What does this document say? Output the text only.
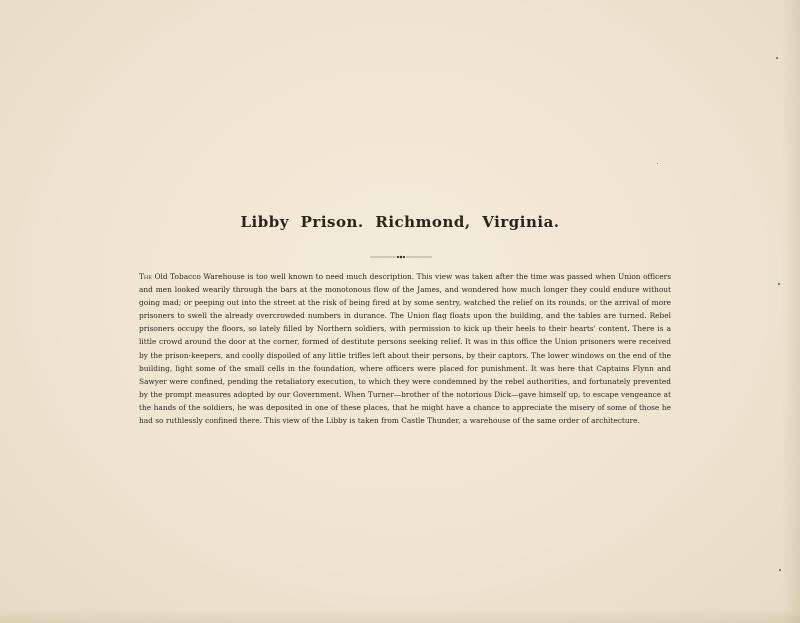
Libby Prison. Richmond, Virginia.
The Old Tobacco Warehouse is too well known to need much description. This view was taken after the time was passed when Union officers and men looked wearily through the bars at the monotonous flow of the James, and wondered how much longer they could endure without going mad; or peeping out into the street at the risk of being fired at by some sentry, watched the relief on its rounds, or the arrival of more prisoners to swell the already overcrowded numbers in durance. The Union flag floats upon the building, and the tables are turned. Rebel prisoners occupy the floors, so lately filled by Northern soldiers, with permission to kick up their heels to their hearts' content. There is a little crowd around the door at the corner, formed of destitute persons seeking relief. It was in this office the Union prisoners were received by the prison-keepers, and coolly dispoiled of any little trifles left about their persons, by their captors. The lower windows on the end of the building, light some of the small cells in the foundation, where officers were placed for punishment. It was here that Captains Flynn and Sawyer were confined, pending the retaliatory execution, to which they were condemned by the rebel authorities, and fortunately prevented by the prompt measures adopted by our Government. When Turner—brother of the notorious Dick—gave himself up, to escape vengeance at the hands of the soldiers, he was deposited in one of these places, that he might have a chance to appreciate the misery of some of those he had so ruthlessly confined there. This view of the Libby is taken from Castle Thunder, a warehouse of the same order of architecture.
